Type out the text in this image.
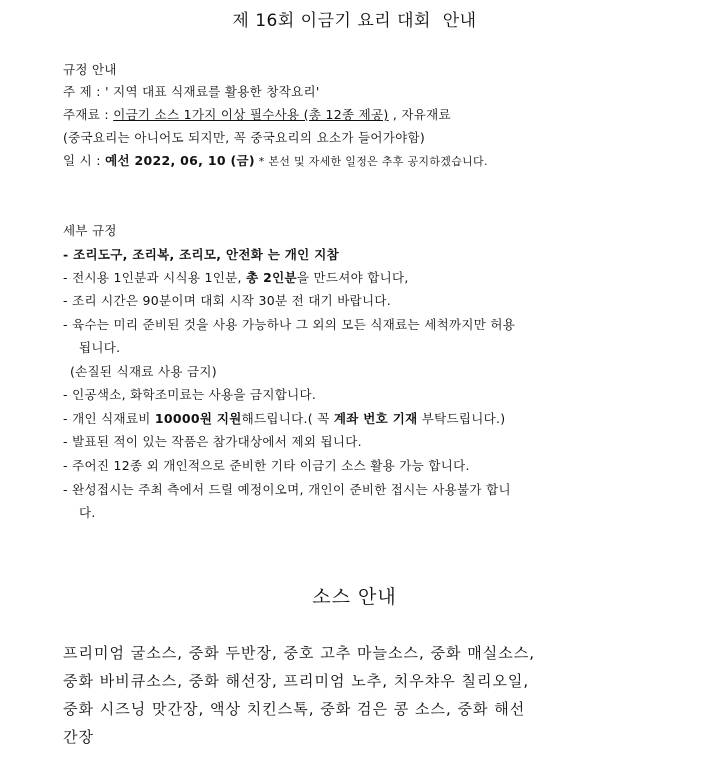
제 16회 이금기 요리 대회  안내
규정 안내
주 제 : ' 지역 대표 식재료를 활용한 창작요리'
주재료 : 이금기 소스 1가지 이상 필수사용 (총 12종 제공) , 자유재료
(중국요리는 아니어도 되지만, 꼭 중국요리의 요소가 들어가야함)
일 시 : 예선 2022, 06, 10 (금) * 본선 및 자세한 일정은 추후 공지하겠습니다.
세부 규정
- 조리도구, 조리복, 조리모, 안전화 는 개인 지참
- 전시용 1인분과 시식용 1인분, 총 2인분을 만드셔야 합니다,
- 조리 시간은 90분이며 대회 시작 30분 전 대기 바랍니다.
- 육수는 미리 준비된 것을 사용 가능하나 그 외의 모든 식재료는 세척까지만 허용
됩니다.
(손질된 식재료 사용 금지)
- 인공색소, 화학조미료는 사용을 금지합니다.
- 개인 식재료비 10000원 지원해드립니다.( 꼭 계좌 번호 기재 부탁드립니다.)
- 발표된 적이 있는 작품은 참가대상에서 제외 됩니다.
- 주어진 12종 외 개인적으로 준비한 기타 이금기 소스 활용 가능 합니다.
- 완성접시는 주최 측에서 드릴 예정이오며, 개인이 준비한 접시는 사용불가 합니
다.
소스 안내
프리미엄 굴소스, 중화 두반장, 중호 고추 마늘소스, 중화 매실소스,
중화 바비큐소스, 중화 해선장, 프리미엄 노추, 치우챠우 칠리오일,
중화 시즈닝 맛간장, 액상 치킨스톡, 중화 검은 콩 소스, 중화 해선
간장
